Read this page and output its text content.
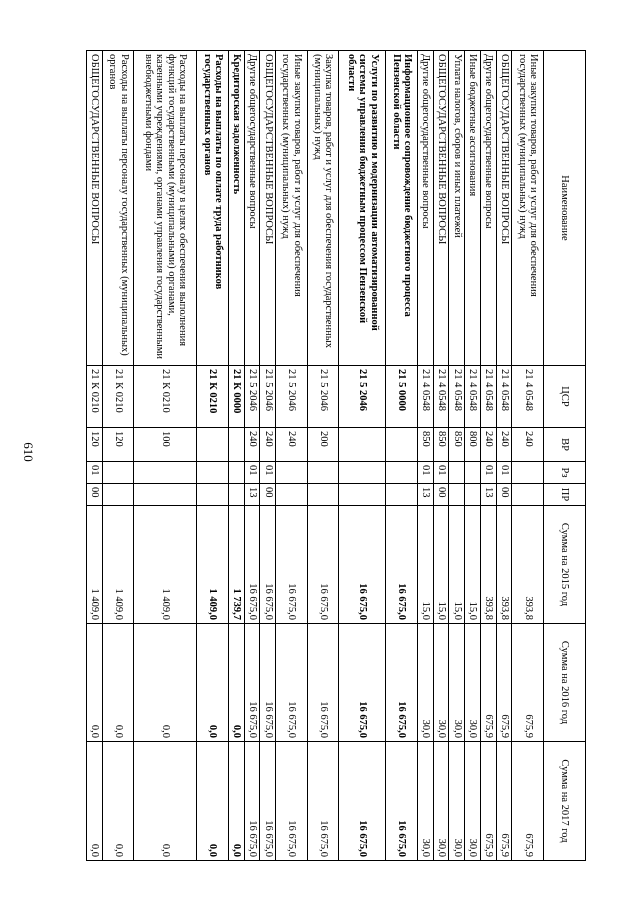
610
Наименование	ЦСР	ВР	Рз	ПР	Сумма на 2015 год	Сумма на 2016 год	Сумма на 2017 год
Иные закупки товаров, работ и услуг для обеспечения государственных (муниципальных) нужд	21 4 0548	240			393,8	675,9	675,9
ОБЩЕГОСУДАРСТВЕННЫЕ ВОПРОСЫ	21 4 0548	240	01	00	393,8	675,9	675,9
Другие общегосударственные вопросы	21 4 0548	240	01	13	393,8	675,9	675,9
Иные бюджетные ассигнования	21 4 0548	800			15,0	30,0	30,0
Уплата налогов, сборов и иных платежей	21 4 0548	850			15,0	30,0	30,0
ОБЩЕГОСУДАРСТВЕННЫЕ ВОПРОСЫ	21 4 0548	850	01	00	15,0	30,0	30,0
Другие общегосударственные вопросы	21 4 0548	850	01	13	15,0	30,0	30,0
Информационное сопровождение бюджетного процесса Пензенской области	21 5 0000				16 675,0	16 675,0	16 675,0
Услуги по развитию и модернизации автоматизированной системы управления бюджетным процессом Пензенской области	21 5 2046				16 675,0	16 675,0	16 675,0
Закупка товаров, работ и услуг для обеспечения государственных (муниципальных) нужд	21 5 2046	200			16 675,0	16 675,0	16 675,0
Иные закупки товаров, работ и услуг для обеспечения государственных (муниципальных) нужд	21 5 2046	240			16 675,0	16 675,0	16 675,0
ОБЩЕГОСУДАРСТВЕННЫЕ ВОПРОСЫ	21 5 2046	240	01	00	16 675,0	16 675,0	16 675,0
Другие общегосударственные вопросы	21 5 2046	240	01	13	16 675,0	16 675,0	16 675,0
Кредиторская задолженность	21 К 0000				1 739,7	0,0	0,0
Расходы на выплаты по оплате труда работников государственных органов	21 К 0210				1 409,0	0,0	0,0
Расходы на выплаты персоналу в целях обеспечения выполнения функций государственными (муниципальными) органами, казенными учреждениями, органами управления государственными внебюджетными фондами	21 К 0210	100			1 409,0	0,0	0,0
Расходы на выплаты персоналу государственных (муниципальных) органов	21 К 0210	120			1 409,0	0,0	0,0
ОБЩЕГОСУДАРСТВЕННЫЕ ВОПРОСЫ	21 К 0210	120	01	00	1 409,0	0,0	0,0
